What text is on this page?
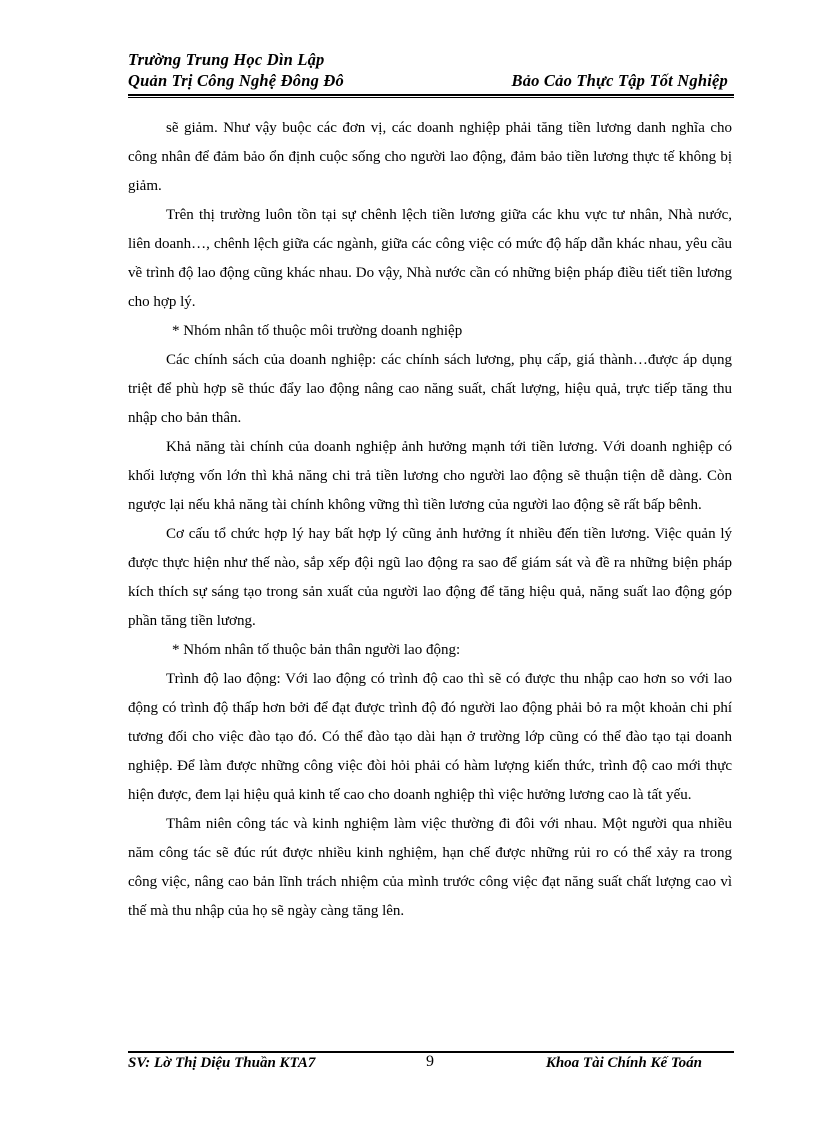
Trường Trung Học Dìn Lập
Quản Trị Công Nghệ Đông Đô	Bảo Cảo Thực Tập Tốt Nghiệp

sẽ giảm. Như vậy buộc các đơn vị, các doanh nghiệp phải tăng tiền lương danh nghĩa cho công nhân để đảm bảo ổn định cuộc sống cho người lao động, đảm bảo tiền lương thực tế không bị giảm.

Trên thị trường luôn tồn tại sự chênh lệch tiền lương giữa các khu vực tư nhân, Nhà nước, liên doanh…, chênh lệch giữa các ngành, giữa các công việc có mức độ hấp dẫn khác nhau, yêu cầu về trình độ lao động cũng khác nhau. Do vậy, Nhà nước cần có những biện pháp điều tiết tiền lương cho hợp lý.

* Nhóm nhân tố thuộc môi trường doanh nghiệp

Các chính sách của doanh nghiệp: các chính sách lương, phụ cấp, giá thành…được áp dụng triệt để phù hợp sẽ thúc đẩy lao động nâng cao năng suất, chất lượng, hiệu quả, trực tiếp tăng thu nhập cho bản thân.

Khả năng tài chính của doanh nghiệp ảnh hưởng mạnh tới tiền lương. Với doanh nghiệp có khối lượng vốn lớn thì khả năng chi trả tiền lương cho người lao động sẽ thuận tiện dễ dàng. Còn ngược lại nếu khả năng tài chính không vững thì tiền lương của người lao động sẽ rất bấp bênh.

Cơ cấu tổ chức hợp lý hay bất hợp lý cũng ảnh hưởng ít nhiều đến tiền lương. Việc quản lý được thực hiện như thế nào, sắp xếp đội ngũ lao động ra sao để giám sát và đề ra những biện pháp kích thích sự sáng tạo trong sản xuất của người lao động để tăng hiệu quả, năng suất lao động góp phần tăng tiền lương.

* Nhóm nhân tố thuộc bản thân người lao động:

Trình độ lao động: Với lao động có trình độ cao thì sẽ có được thu nhập cao hơn so với lao động có trình độ thấp hơn bởi để đạt được trình độ đó người lao động phải bỏ ra một khoản chi phí tương đối cho việc đào tạo đó. Có thể đào tạo dài hạn ở trường lớp cũng có thể đào tạo tại doanh nghiệp. Để làm được những công việc đòi hỏi phải có hàm lượng kiến thức, trình độ cao mới thực hiện được, đem lại hiệu quả kinh tế cao cho doanh nghiệp thì việc hưởng lương cao là tất yếu.

Thâm niên công tác và kinh nghiệm làm việc thường đi đôi với nhau. Một người qua nhiều năm công tác sẽ đúc rút được nhiều kinh nghiệm, hạn chế được những rủi ro có thể xảy ra trong công việc, nâng cao bản lĩnh trách nhiệm của mình trước công việc đạt năng suất chất lượng cao vì thế mà thu nhập của họ sẽ ngày càng tăng lên.

SV: Lờ Thị Diệu Thuần KTA7	9	Khoa Tài Chính Kế Toán
